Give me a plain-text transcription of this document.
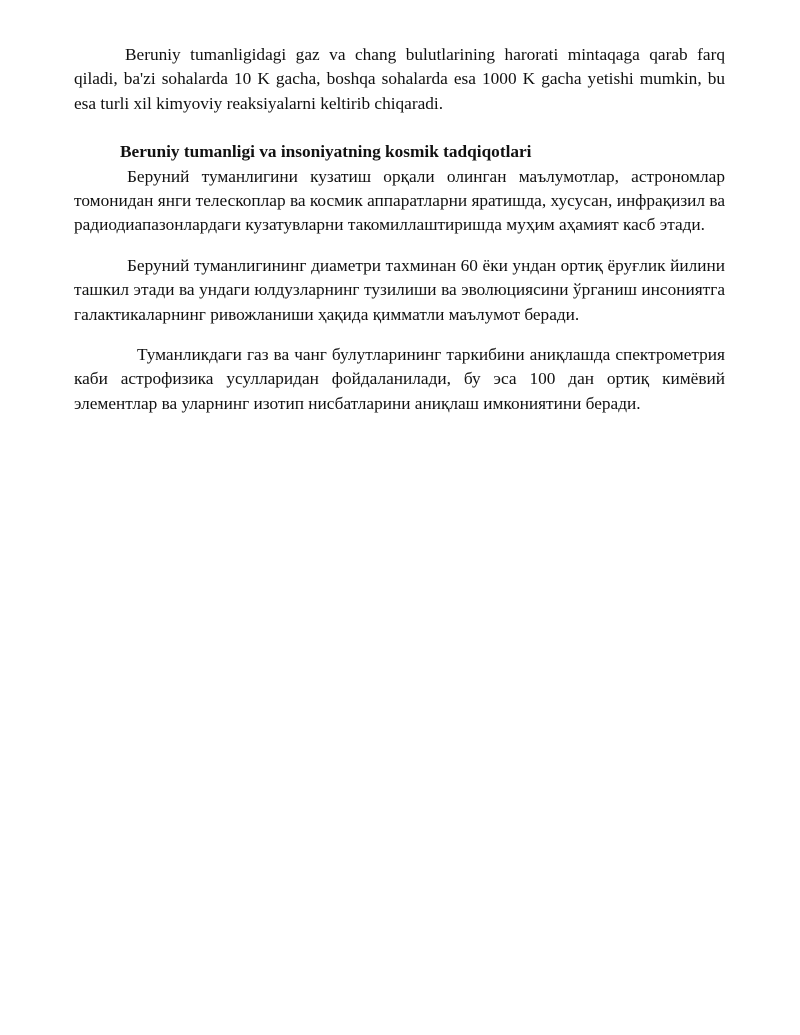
Beruniy tumanligidagi gaz va chang bulutlarining harorati mintaqaga qarab farq qiladi, ba'zi sohalarda 10 K gacha, boshqa sohalarda esa 1000 K gacha yetishi mumkin, bu esa turli xil kimyoviy reaksiyalarni keltirib chiqaradi.

Beruniy tumanligi va insoniyatning kosmik tadqiqotlari

Беруний туманлигини кузатиш орқали олинган маълумотлар, астрономлар томонидан янги телескоплар ва космик аппаратларни яратишда, хусусан, инфрақизил ва радиодиапазонлардаги кузатувларни такомиллаштиришда муҳим аҳамият касб этади.

Беруний туманлигининг диаметри тахминан 60 ёки ундан ортиқ ёруғлик йилини ташкил этади ва ундаги юлдузларнинг тузилиши ва эволюциясини ўрганиш инсониятга галактикаларнинг ривожланиши ҳақида қимматли маълумот беради.

Туманликдаги газ ва чанг булутларининг таркибини аниқлашда спектрометрия каби астрофизика усулларидан фойдаланилади, бу эса 100 дан ортиқ кимёвий элементлар ва уларнинг изотип нисбатларини аниқлаш имкониятини беради.
